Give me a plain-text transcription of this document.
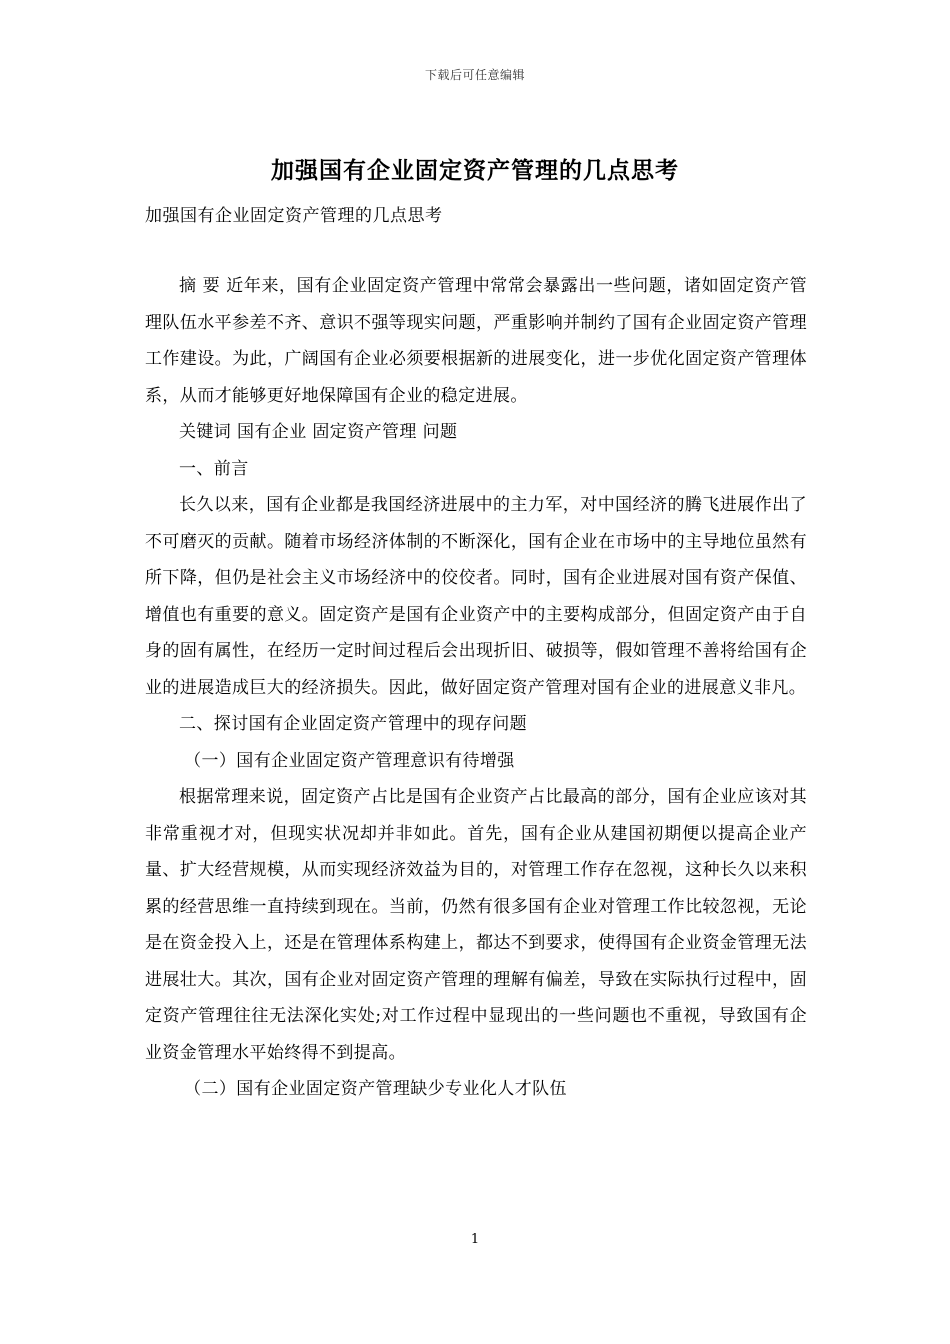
下载后可任意编辑
加强国有企业固定资产管理的几点思考
加强国有企业固定资产管理的几点思考

摘 要 近年来，国有企业固定资产管理中常常会暴露出一些问题，诸如固定资产管理队伍水平参差不齐、意识不强等现实问题，严重影响并制约了国有企业固定资产管理工作建设。为此，广阔国有企业必须要根据新的进展变化，进一步优化固定资产管理体系，从而才能够更好地保障国有企业的稳定进展。

关键词 国有企业 固定资产管理 问题

一、前言

长久以来，国有企业都是我国经济进展中的主力军，对中国经济的腾飞进展作出了不可磨灭的贡献。随着市场经济体制的不断深化，国有企业在市场中的主导地位虽然有所下降，但仍是社会主义市场经济中的佼佼者。同时，国有企业进展对国有资产保值、增值也有重要的意义。固定资产是国有企业资产中的主要构成部分，但固定资产由于自身的固有属性，在经历一定时间过程后会出现折旧、破损等，假如管理不善将给国有企业的进展造成巨大的经济损失。因此，做好固定资产管理对国有企业的进展意义非凡。

二、探讨国有企业固定资产管理中的现存问题

（一）国有企业固定资产管理意识有待增强

根据常理来说，固定资产占比是国有企业资产占比最高的部分，国有企业应该对其非常重视才对，但现实状况却并非如此。首先，国有企业从建国初期便以提高企业产量、扩大经营规模，从而实现经济效益为目的，对管理工作存在忽视，这种长久以来积累的经营思维一直持续到现在。当前，仍然有很多国有企业对管理工作比较忽视，无论是在资金投入上，还是在管理体系构建上，都达不到要求，使得国有企业资金管理无法进展壮大。其次，国有企业对固定资产管理的理解有偏差，导致在实际执行过程中，固定资产管理往往无法深化实处;对工作过程中显现出的一些问题也不重视，导致国有企业资金管理水平始终得不到提高。

（二）国有企业固定资产管理缺少专业化人才队伍

1
